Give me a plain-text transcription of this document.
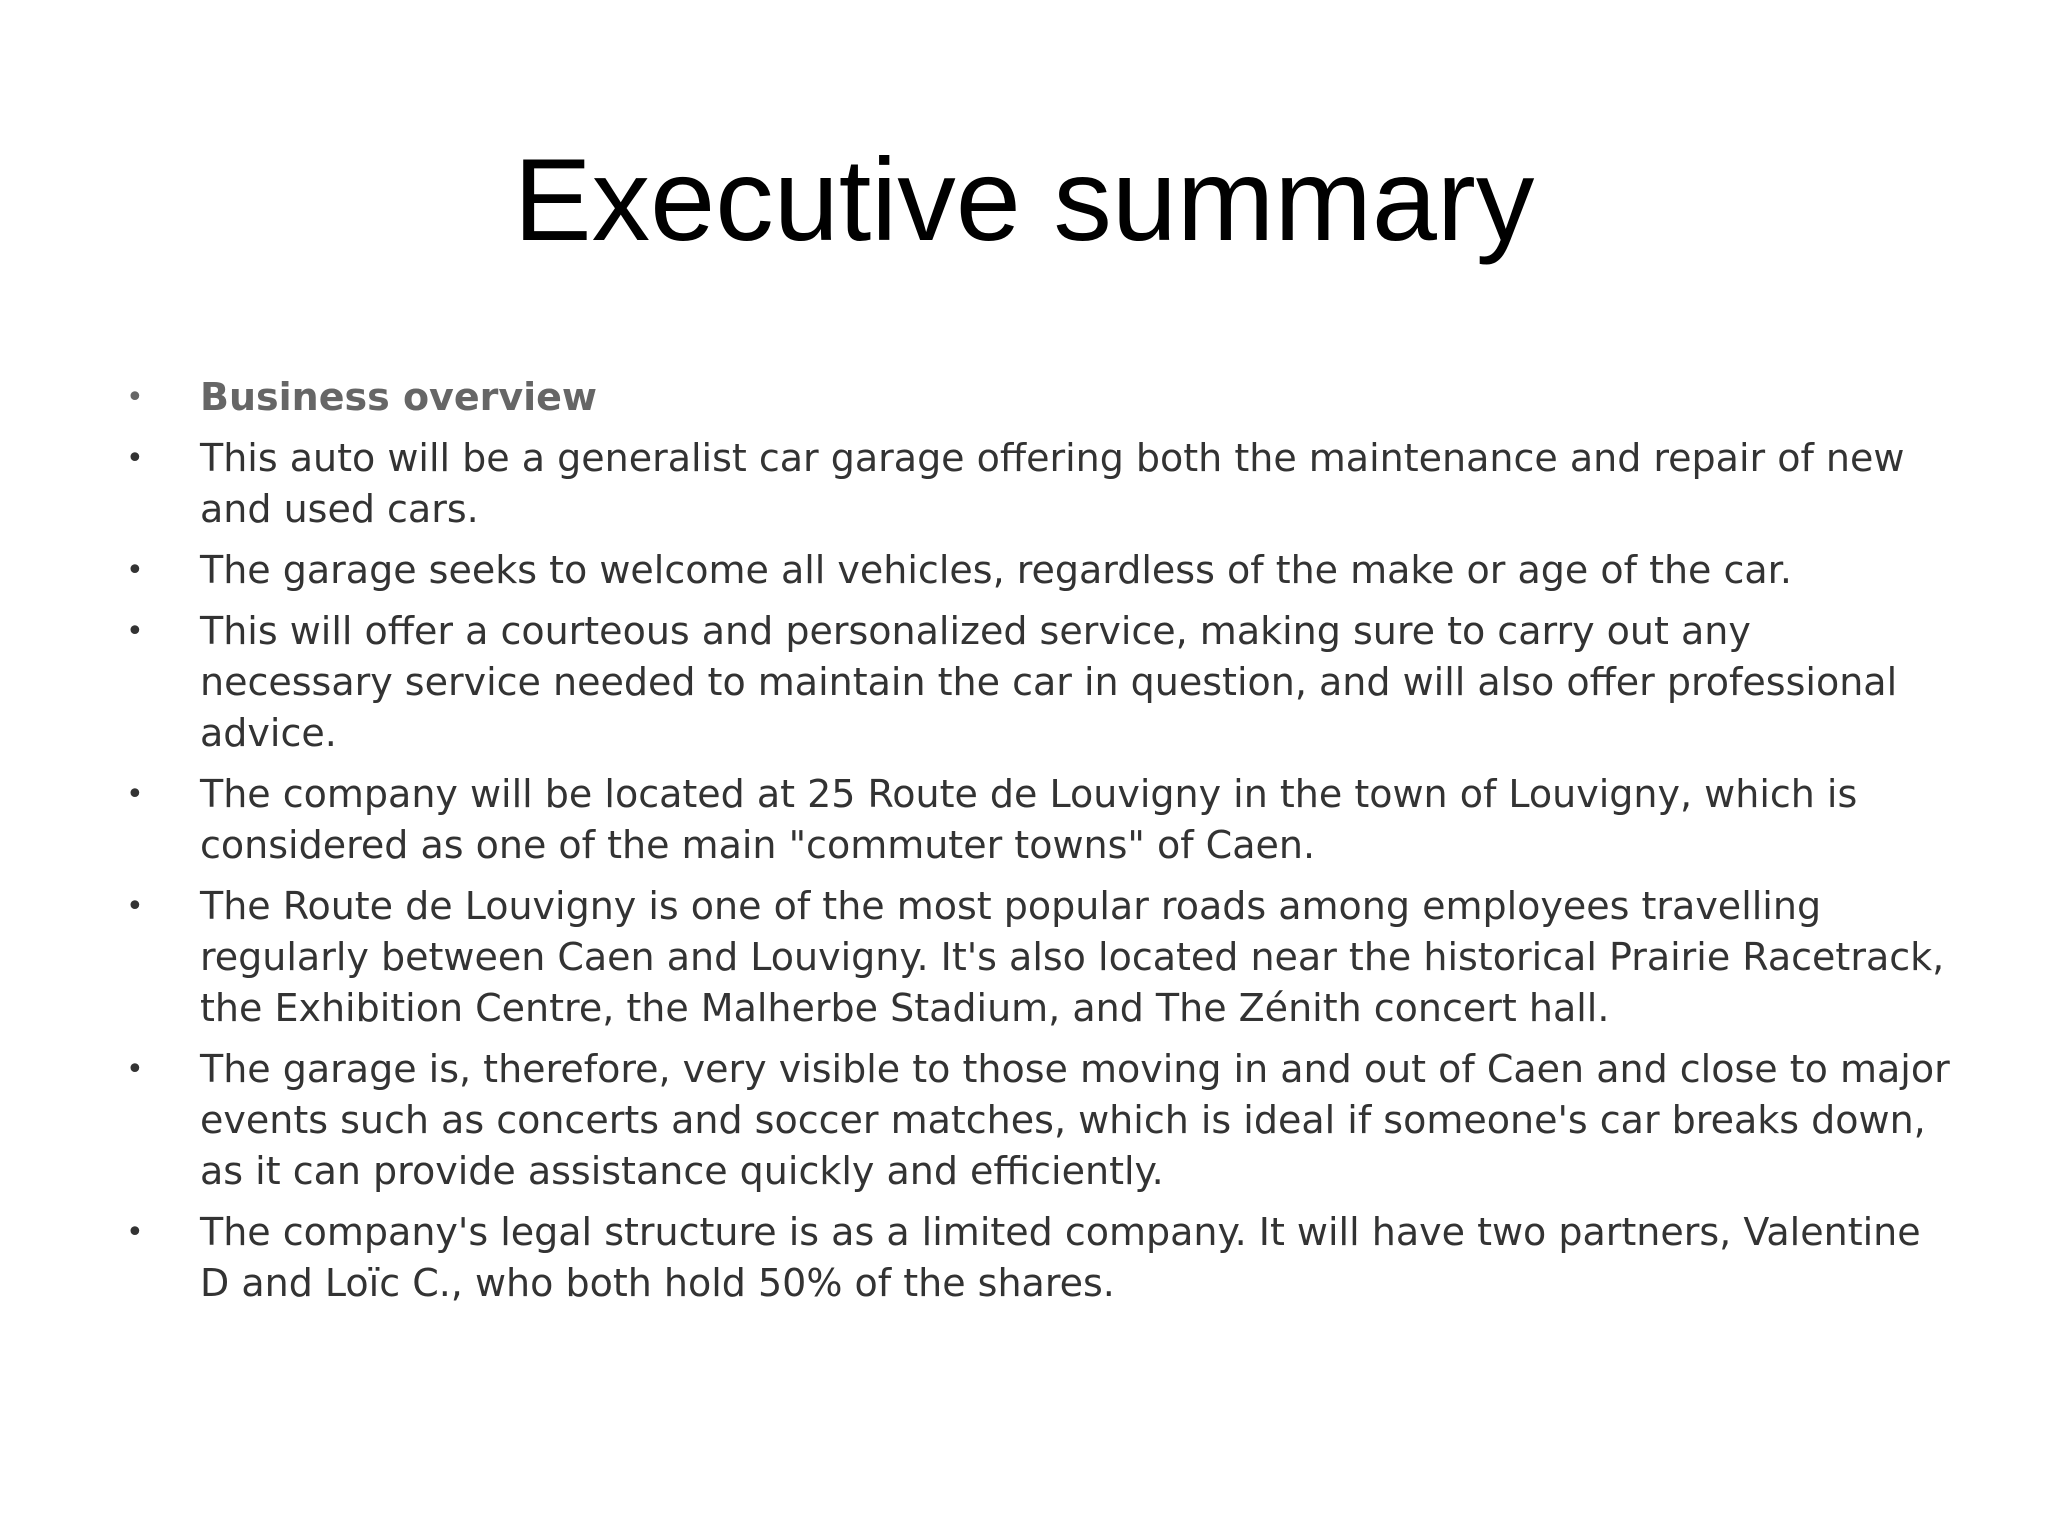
Executive summary
•	Business overview
•	This auto will be a generalist car garage offering both the maintenance and repair of new and used cars.
•	The garage seeks to welcome all vehicles, regardless of the make or age of the car.
•	This will offer a courteous and personalized service, making sure to carry out any necessary service needed to maintain the car in question, and will also offer professional advice.
•	The company will be located at 25 Route de Louvigny in the town of Louvigny, which is considered as one of the main "commuter towns" of Caen.
•	The Route de Louvigny is one of the most popular roads among employees travelling regularly between Caen and Louvigny. It's also located near the historical Prairie Racetrack, the Exhibition Centre, the Malherbe Stadium, and The Zénith concert hall.
•	The garage is, therefore, very visible to those moving in and out of Caen and close to major events such as concerts and soccer matches, which is ideal if someone's car breaks down, as it can provide assistance quickly and efficiently.
•	The company's legal structure is as a limited company. It will have two partners, Valentine D and Loïc C., who both hold 50% of the shares.
